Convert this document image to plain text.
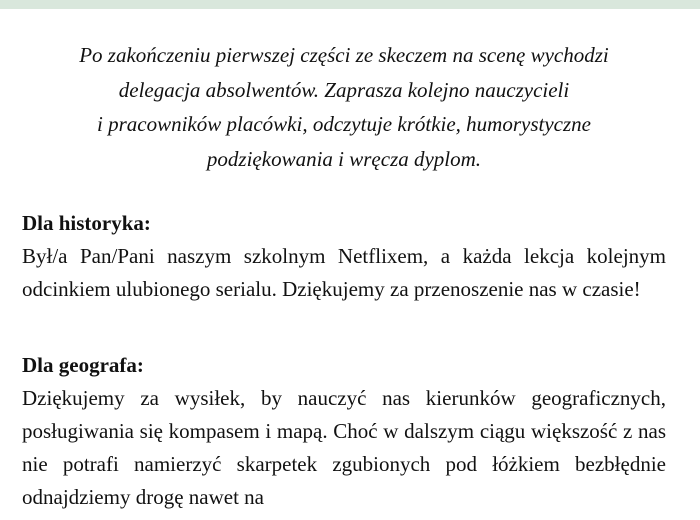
Po zakończeniu pierwszej części ze skeczem na scenę wychodzi
delegacja absolwentów. Zaprasza kolejno nauczycieli
i pracowników placówki, odczytuje krótkie, humorystyczne
podziękowania i wręcza dyplom.

Dla historyka:

Był/a Pan/Pani naszym szkolnym Netflixem, a każda lekcja kolejnym odcinkiem ulubionego serialu. Dziękujemy za przenoszenie nas w czasie!

Dla geografa:

Dziękujemy za wysiłek, by nauczyć nas kierunków geograficznych, posługiwania się kompasem i mapą. Choć w dalszym ciągu większość z nas nie potrafi namierzyć skarpetek zgubionych pod łóżkiem bezbłędnie odnajdziemy drogę nawet na
